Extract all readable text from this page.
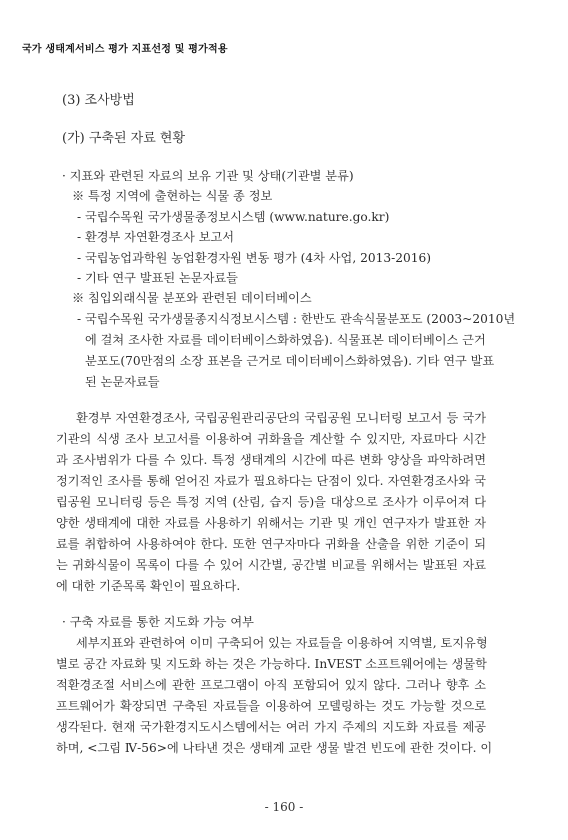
국가 생태계서비스 평가 지표선정 및 평가적용
(3) 조사방법
(가) 구축된 자료 현황
· 지표와 관련된 자료의 보유 기관 및 상태(기관별 분류)
※ 특정 지역에 출현하는 식물 종 정보
- 국립수목원 국가생물종정보시스템 (www.nature.go.kr)
- 환경부 자연환경조사 보고서
- 국립농업과학원 농업환경자원 변동 평가 (4차 사업, 2013-2016)
- 기타 연구 발표된 논문자료들
※ 침입외래식물 분포와 관련된 데이터베이스
- 국립수목원 국가생물종지식정보시스템 : 한반도 관속식물분포도 (2003~2010년
에 걸쳐 조사한 자료를 데이터베이스화하였음). 식물표본 데이터베이스 근거
분포도(70만점의 소장 표본을 근거로 데이터베이스화하였음). 기타 연구 발표
된 논문자료들
환경부 자연환경조사, 국립공원관리공단의 국립공원 모니터링 보고서 등 국가
기관의 식생 조사 보고서를 이용하여 귀화율을 계산할 수 있지만, 자료마다 시간
과 조사범위가 다를 수 있다. 특정 생태계의 시간에 따른 변화 양상을 파악하려면
정기적인 조사를 통해 얻어진 자료가 필요하다는 단점이 있다. 자연환경조사와 국
립공원 모니터링 등은 특정 지역 (산림, 습지 등)을 대상으로 조사가 이루어져 다
양한 생태계에 대한 자료를 사용하기 위해서는 기관 및 개인 연구자가 발표한 자
료를 취합하여 사용하여야 한다. 또한 연구자마다 귀화율 산출을 위한 기준이 되
는 귀화식물이 목록이 다를 수 있어 시간별, 공간별 비교를 위해서는 발표된 자료
에 대한 기준목록 확인이 필요하다.
· 구축 자료를 통한 지도화 가능 여부
세부지표와 관련하여 이미 구축되어 있는 자료들을 이용하여 지역별, 토지유형
별로 공간 자료화 및 지도화 하는 것은 가능하다. InVEST 소프트웨어에는 생물학
적환경조절 서비스에 관한 프로그램이 아직 포함되어 있지 않다. 그러나 향후 소
프트웨어가 확장되면 구축된 자료들을 이용하여 모델링하는 것도 가능할 것으로
생각된다. 현재 국가환경지도시스템에서는 여러 가지 주제의 지도화 자료를 제공
하며, <그림 Ⅳ-56>에 나타낸 것은 생태계 교란 생물 발견 빈도에 관한 것이다. 이
- 160 -
